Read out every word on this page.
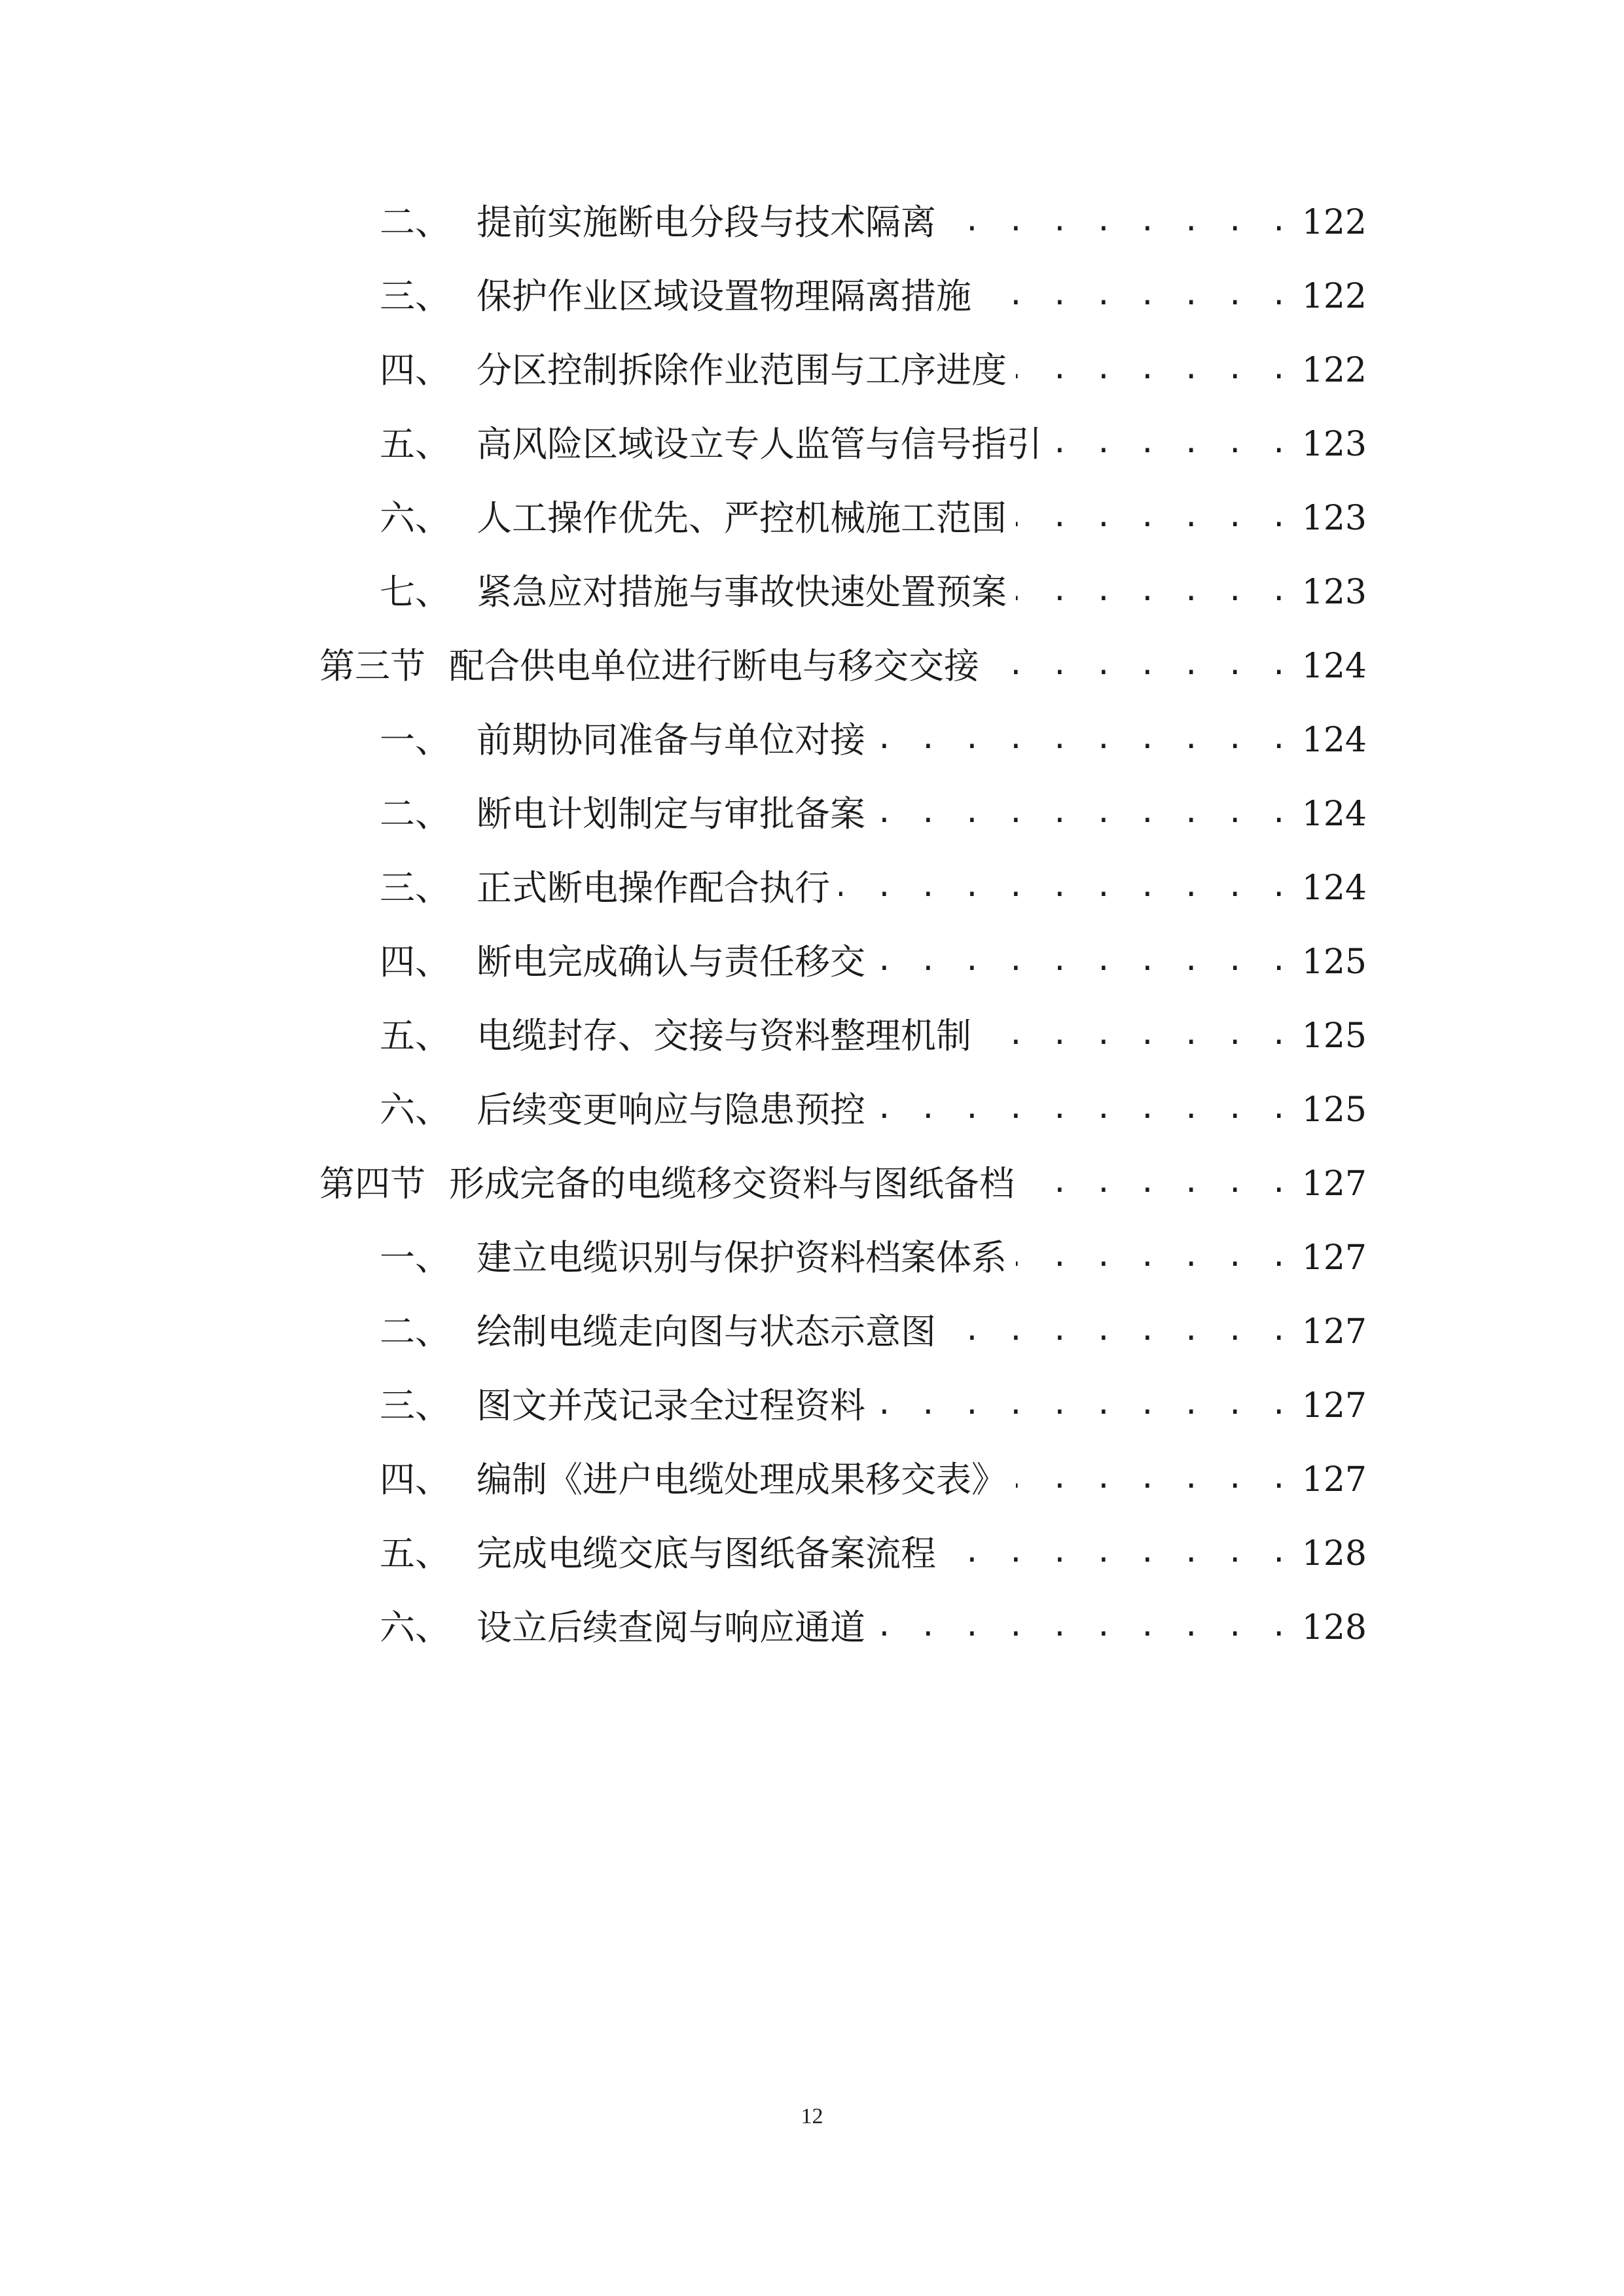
二、 提前实施断电分段与技术隔离 . . .	122
三、 保护作业区域设置物理隔离措施 . . .	122
四、 分区控制拆除作业范围与工序进度 . . .	122
五、 高风险区域设立专人监管与信号指引 . . .	123
六、 人工操作优先、严控机械施工范围 . . .	123
七、 紧急应对措施与事故快速处置预案 . . .	123
第三节 配合供电单位进行断电与移交交接 . . .	124
一、 前期协同准备与单位对接 . . .	124
二、 断电计划制定与审批备案 . . .	124
三、 正式断电操作配合执行 . . .	124
四、 断电完成确认与责任移交 . . .	125
五、 电缆封存、交接与资料整理机制 . . .	125
六、 后续变更响应与隐患预控 . . .	125
第四节 形成完备的电缆移交资料与图纸备档 . . .	127
一、 建立电缆识别与保护资料档案体系 . . .	127
二、 绘制电缆走向图与状态示意图 . . .	127
三、 图文并茂记录全过程资料 . . .	127
四、 编制《进户电缆处理成果移交表》 . . .	127
五、 完成电缆交底与图纸备案流程 . . .	128
六、 设立后续查阅与响应通道 . . .	128
12
